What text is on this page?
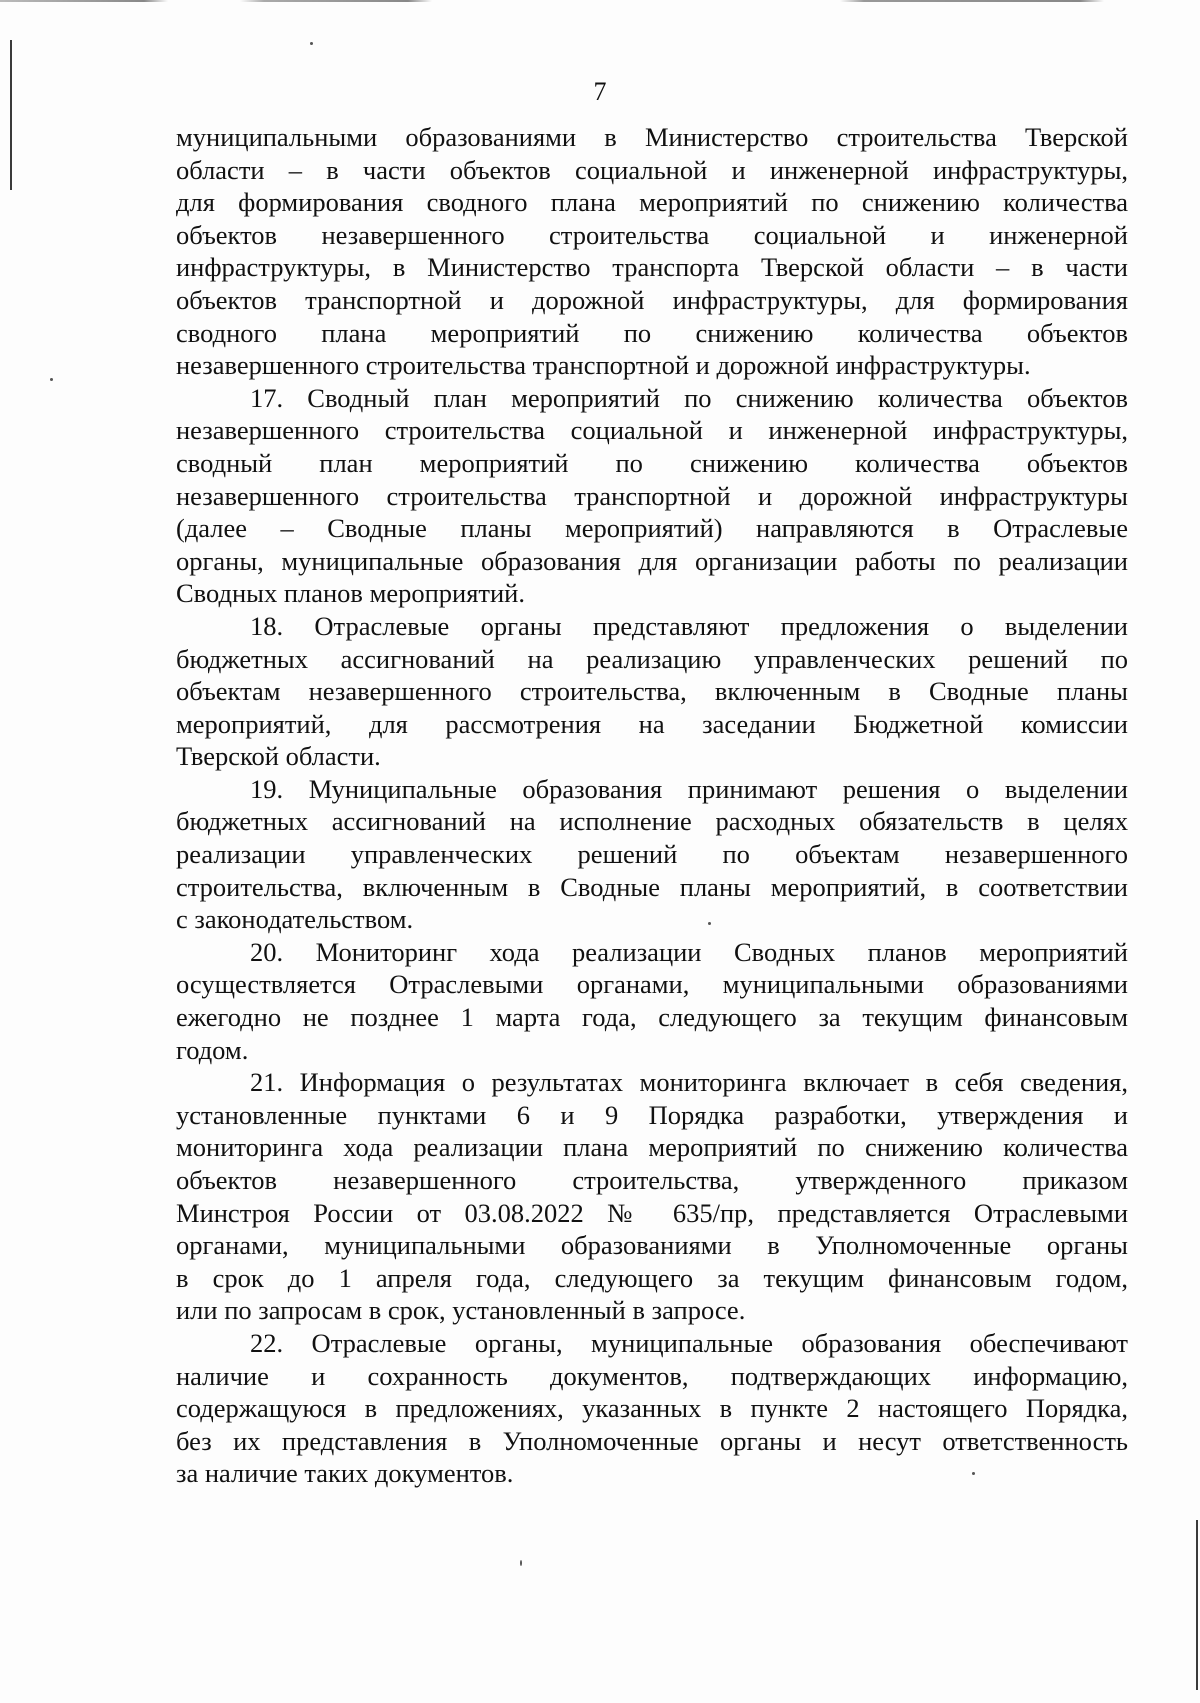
7
муниципальными образованиями в Министерство строительства Тверской
области – в части объектов социальной и инженерной инфраструктуры,
для формирования сводного плана мероприятий по снижению количества
объектов незавершенного строительства социальной и инженерной
инфраструктуры, в Министерство транспорта Тверской области – в части
объектов транспортной и дорожной инфраструктуры, для формирования
сводного плана мероприятий по снижению количества объектов
незавершенного строительства транспортной и дорожной инфраструктуры.
17. Сводный план мероприятий по снижению количества объектов
незавершенного строительства социальной и инженерной инфраструктуры,
сводный план мероприятий по снижению количества объектов
незавершенного строительства транспортной и дорожной инфраструктуры
(далее – Сводные планы мероприятий) направляются в Отраслевые
органы, муниципальные образования для организации работы по реализации
Сводных планов мероприятий.
18. Отраслевые органы представляют предложения о выделении
бюджетных ассигнований на реализацию управленческих решений по
объектам незавершенного строительства, включенным в Сводные планы
мероприятий, для рассмотрения на заседании Бюджетной комиссии
Тверской области.
19. Муниципальные образования принимают решения о выделении
бюджетных ассигнований на исполнение расходных обязательств в целях
реализации управленческих решений по объектам незавершенного
строительства, включенным в Сводные планы мероприятий, в соответствии
с законодательством.
20. Мониторинг хода реализации Сводных планов мероприятий
осуществляется Отраслевыми органами, муниципальными образованиями
ежегодно не позднее 1 марта года, следующего за текущим финансовым
годом.
21. Информация о результатах мониторинга включает в себя сведения,
установленные пунктами 6 и 9 Порядка разработки, утверждения и
мониторинга хода реализации плана мероприятий по снижению количества
объектов незавершенного строительства, утвержденного приказом
Минстроя России от 03.08.2022 № 635/пр, представляется Отраслевыми
органами, муниципальными образованиями в Уполномоченные органы
в срок до 1 апреля года, следующего за текущим финансовым годом,
или по запросам в срок, установленный в запросе.
22. Отраслевые органы, муниципальные образования обеспечивают
наличие и сохранность документов, подтверждающих информацию,
содержащуюся в предложениях, указанных в пункте 2 настоящего Порядка,
без их представления в Уполномоченные органы и несут ответственность
за наличие таких документов.
